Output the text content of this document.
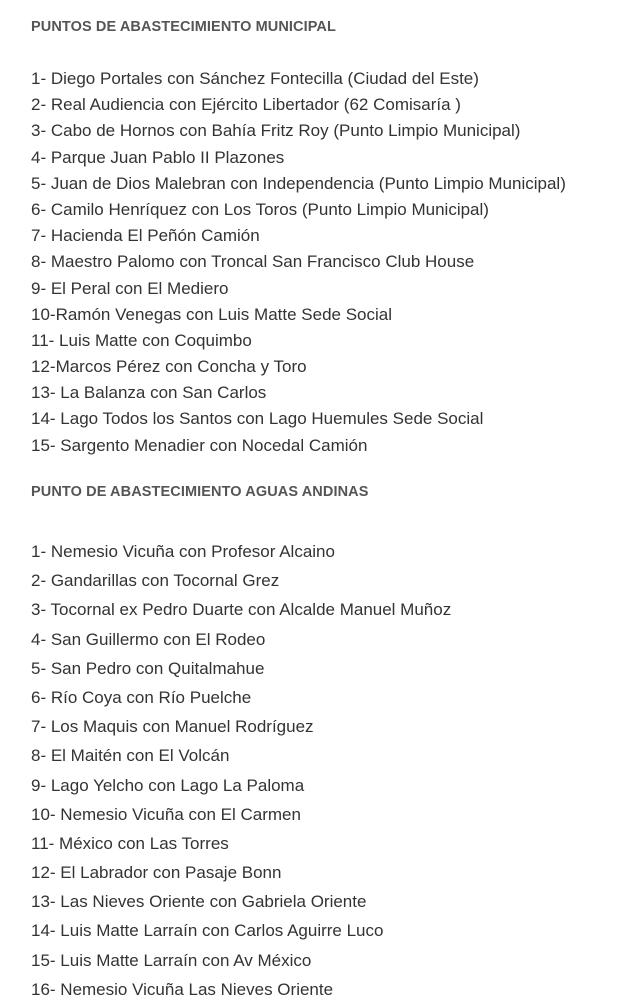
PUNTOS DE ABASTECIMIENTO MUNICIPAL
1- Diego Portales con Sánchez Fontecilla (Ciudad del Este)
2- Real Audiencia con Ejército Libertador (62 Comisaría )
3- Cabo de Hornos con Bahía Fritz Roy (Punto Limpio Municipal)
4- Parque Juan Pablo II Plazones
5- Juan de Dios Malebran con Independencia (Punto Limpio Municipal)
6- Camilo Henríquez con Los Toros (Punto Limpio Municipal)
7- Hacienda El Peñón Camión
8- Maestro Palomo con Troncal San Francisco Club House
9- El Peral con El Mediero
10-Ramón Venegas con Luis Matte Sede Social
11- Luis Matte con Coquimbo
12-Marcos Pérez con Concha y Toro
13- La Balanza con San Carlos
14- Lago Todos los Santos con Lago Huemules Sede Social
15- Sargento Menadier con Nocedal Camión
PUNTO DE ABASTECIMIENTO AGUAS ANDINAS
1- Nemesio Vicuña con Profesor Alcaino
2- Gandarillas con Tocornal Grez
3- Tocornal ex Pedro Duarte con Alcalde Manuel Muñoz
4- San Guillermo con El Rodeo
5- San Pedro con Quitalmahue
6- Río Coya con Río Puelche
7- Los Maquis con Manuel Rodríguez
8- El Maitén con El Volcán
9- Lago Yelcho con Lago La Paloma
10- Nemesio Vicuña con El Carmen
11- México con Las Torres
12- El Labrador con Pasaje Bonn
13- Las Nieves Oriente con Gabriela Oriente
14- Luis Matte Larraín con Carlos Aguirre Luco
15- Luis Matte Larraín con Av México
16- Nemesio Vicuña Las Nieves Oriente
